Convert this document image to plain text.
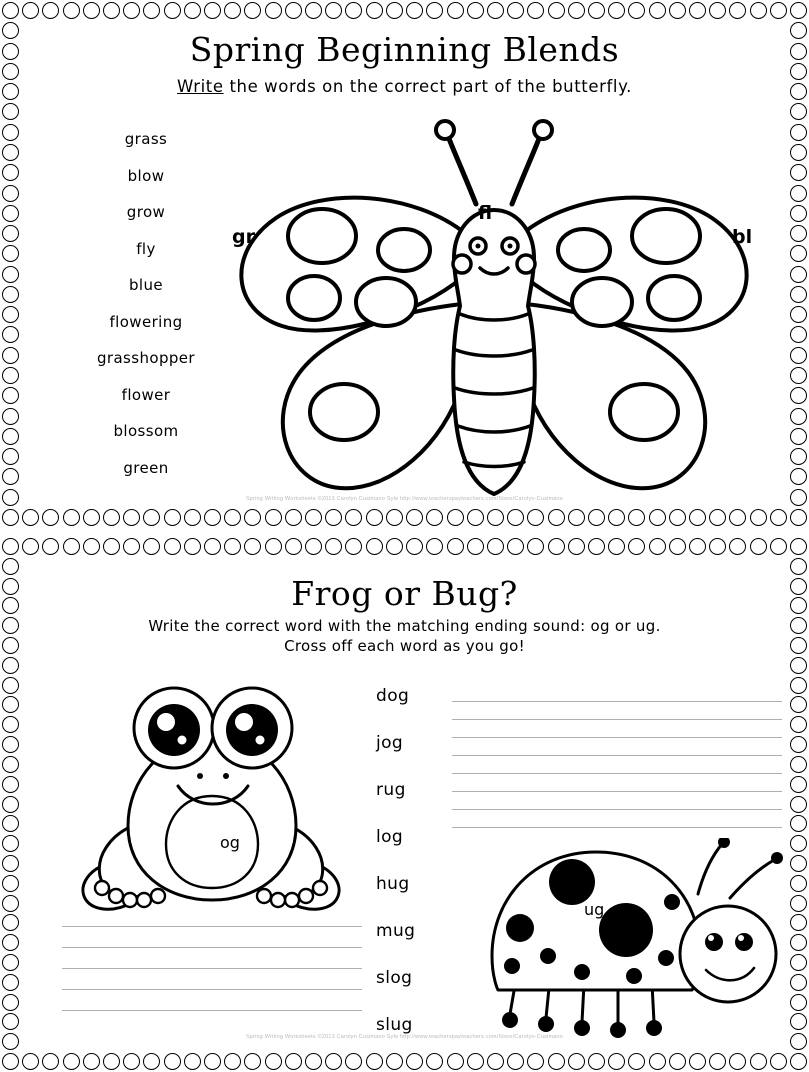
Spring Beginning Blends
Write the words on the correct part of the butterfly.
grass
blow
grow
fly
blue
flowering
grasshopper
flower
blossom
green
gr
fl
bl
Spring Writing Worksheets ©2013 Carolyn Cusimano Syle http://www.teacherspayteachers.com/Store/Carolyn-Cusimano
Frog or Bug?
Write the correct word with the matching ending sound: og or ug.
Cross off each word as you go!
og
dog
jog
rug
log
hug
mug
slog
slug
ug
Spring Writing Worksheets ©2013 Carolyn Cusimano Syle http://www.teacherspayteachers.com/Store/Carolyn-Cusimano
